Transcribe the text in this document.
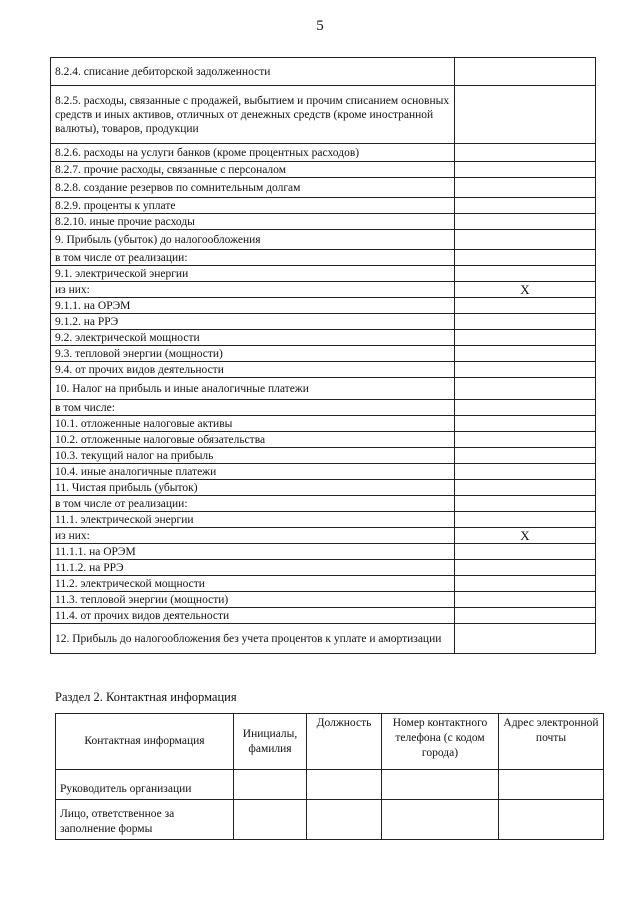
5
8.2.4. списание дебиторской задолженности	
8.2.5. расходы, связанные с продажей, выбытием и прочим списанием основных средств и иных активов, отличных от денежных средств (кроме иностранной валюты), товаров, продукции	
8.2.6. расходы на услуги банков (кроме процентных расходов)	
8.2.7. прочие расходы, связанные с персоналом	
8.2.8. создание резервов по сомнительным долгам	
8.2.9. проценты к уплате	
8.2.10. иные прочие расходы	
9. Прибыль (убыток) до налогообложения	
в том числе от реализации:	
9.1. электрической энергии	
из них:	X
9.1.1. на ОРЭМ	
9.1.2. на РРЭ	
9.2. электрической мощности	
9.3. тепловой энергии (мощности)	
9.4. от прочих видов деятельности	
10. Налог на прибыль и иные аналогичные платежи	
в том числе:	
10.1. отложенные налоговые активы	
10.2. отложенные налоговые обязательства	
10.3. текущий налог на прибыль	
10.4. иные аналогичные платежи	
11. Чистая прибыль (убыток)	
в том числе от реализации:	
11.1. электрической энергии	
из них:	X
11.1.1. на ОРЭМ	
11.1.2. на РРЭ	
11.2. электрической мощности	
11.3. тепловой энергии (мощности)	
11.4. от прочих видов деятельности	
12. Прибыль до налогообложения без учета процентов к уплате и амортизации	
Раздел 2. Контактная информация
Контактная информация	Инициалы, фамилия	Должность	Номер контактного телефона (с кодом города)	Адрес электронной почты
Руководитель организации				
Лицо, ответственное за заполнение формы				
